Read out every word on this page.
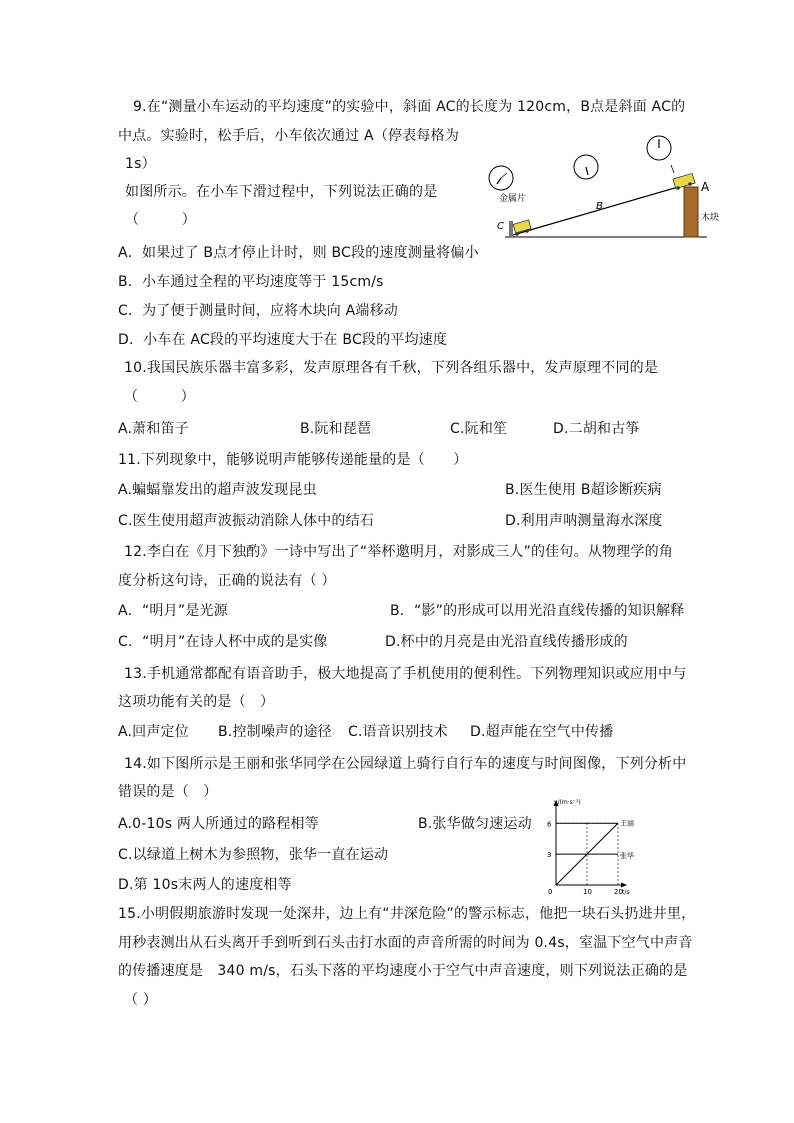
9.在“测量小车运动的平均速度”的实验中，斜面 AC的长度为 120cm，B点是斜面 AC的
中点。实验时，松手后，小车依次通过 A（停表每格为
1s）
如图所示。在小车下滑过程中，下列说法正确的是
（　　　）
A．如果过了 B点才停止计时，则 BC段的速度测量将偏小
B．小车通过全程的平均速度等于 15cm/s
C．为了便于测量时间，应将木块向 A端移动
D．小车在 AC段的平均速度大于在 BC段的平均速度
金属片
C
B
A
木块
10.我国民族乐器丰富多彩，发声原理各有千秋，下列各组乐器中，发声原理不同的是
（　　　）
A.萧和笛子	B.阮和琵琶	C.阮和笙	D.二胡和古筝
11.下列现象中，能够说明声能够传递能量的是（　　）
A.蝙蝠靠发出的超声波发现昆虫	B.医生使用 B超诊断疾病
C.医生使用超声波振动消除人体中的结石	D.利用声呐测量海水深度
12.李白在《月下独酌》一诗中写出了“举杯邀明月，对影成三人”的佳句。从物理学的角
度分析这句诗，正确的说法有（ ）
A．“明月”是光源	B．“影”的形成可以用光沿直线传播的知识解释
C．“明月”在诗人杯中成的是实像	D.杯中的月亮是由光沿直线传播形成的
13.手机通常都配有语音助手，极大地提高了手机使用的便利性。下列物理知识或应用中与
这项功能有关的是（　）
A.回声定位 B.控制噪声的途径 C.语音识别技术 D.超声能在空气中传播
14.如下图所示是王丽和张华同学在公园绿道上骑行自行车的速度与时间图像，下列分析中
错误的是（　）
A.0-10s 两人所通过的路程相等	B.张华做匀速运动
C.以绿道上树木为参照物，张华一直在运动
D.第 10s末两人的速度相等
v/(m·s⁻¹)
t/s
0	10	20
3
6	王丽
张华
15.小明假期旅游时发现一处深井，边上有“井深危险”的警示标志，他把一块石头扔进井里，
用秒表测出从石头离开手到听到石头击打水面的声音所需的时间为 0.4s，室温下空气中声音
的传播速度是　340 m/s，石头下落的平均速度小于空气中声音速度，则下列说法正确的是
（ ）
